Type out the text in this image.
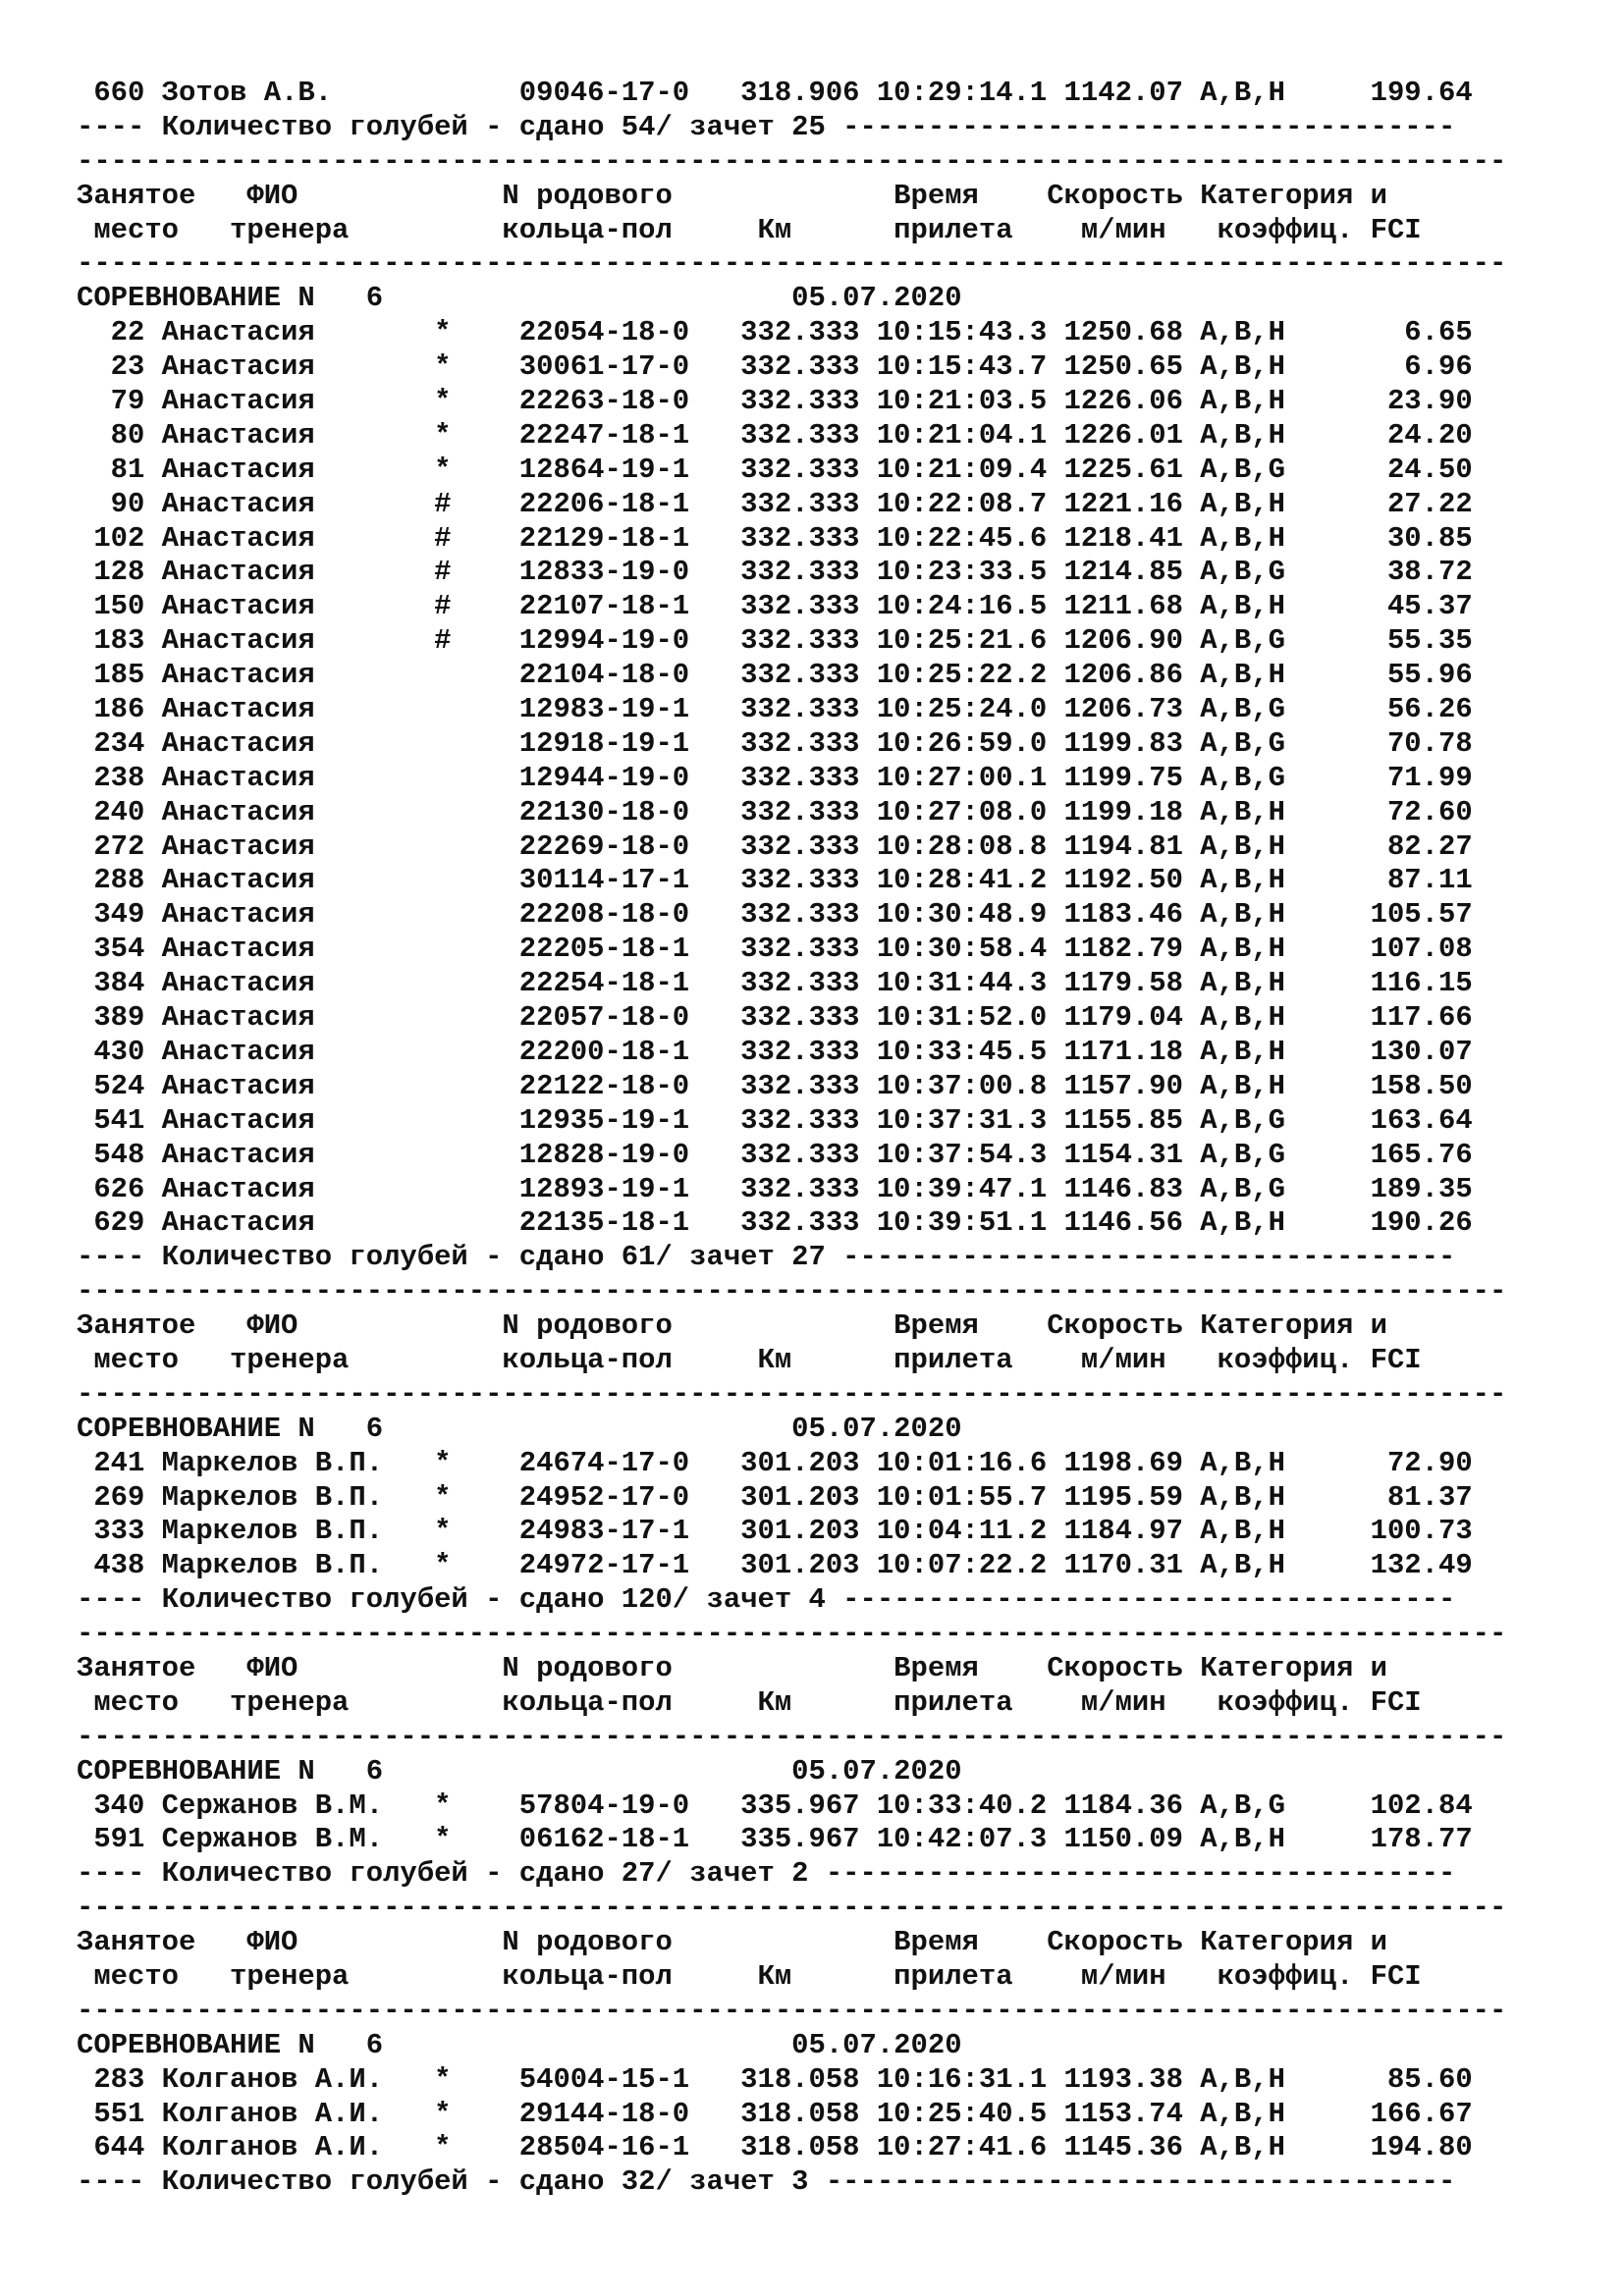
660 Зотов А.В.           09046-17-0   318.906 10:29:14.1 1142.07 A,B,H     199.64
---- Количество голубей - сдано 54/ зачет 25 ------------------------------------
------------------------------------------------------------------------------------
Занятое   ФИО            N родового             Время    Скорость Категория и
место   тренера         кольца-пол     Км      прилета    м/мин   коэффиц. FCI
------------------------------------------------------------------------------------
СОРЕВНОВАНИЕ N   6                        05.07.2020
22 Анастасия       *    22054-18-0   332.333 10:15:43.3 1250.68 A,B,H       6.65
23 Анастасия       *    30061-17-0   332.333 10:15:43.7 1250.65 A,B,H       6.96
79 Анастасия       *    22263-18-0   332.333 10:21:03.5 1226.06 A,B,H      23.90
80 Анастасия       *    22247-18-1   332.333 10:21:04.1 1226.01 A,B,H      24.20
81 Анастасия       *    12864-19-1   332.333 10:21:09.4 1225.61 A,B,G      24.50
90 Анастасия       #    22206-18-1   332.333 10:22:08.7 1221.16 A,B,H      27.22
102 Анастасия       #    22129-18-1   332.333 10:22:45.6 1218.41 A,B,H      30.85
128 Анастасия       #    12833-19-0   332.333 10:23:33.5 1214.85 A,B,G      38.72
150 Анастасия       #    22107-18-1   332.333 10:24:16.5 1211.68 A,B,H      45.37
183 Анастасия       #    12994-19-0   332.333 10:25:21.6 1206.90 A,B,G      55.35
185 Анастасия            22104-18-0   332.333 10:25:22.2 1206.86 A,B,H      55.96
186 Анастасия            12983-19-1   332.333 10:25:24.0 1206.73 A,B,G      56.26
234 Анастасия            12918-19-1   332.333 10:26:59.0 1199.83 A,B,G      70.78
238 Анастасия            12944-19-0   332.333 10:27:00.1 1199.75 A,B,G      71.99
240 Анастасия            22130-18-0   332.333 10:27:08.0 1199.18 A,B,H      72.60
272 Анастасия            22269-18-0   332.333 10:28:08.8 1194.81 A,B,H      82.27
288 Анастасия            30114-17-1   332.333 10:28:41.2 1192.50 A,B,H      87.11
349 Анастасия            22208-18-0   332.333 10:30:48.9 1183.46 A,B,H     105.57
354 Анастасия            22205-18-1   332.333 10:30:58.4 1182.79 A,B,H     107.08
384 Анастасия            22254-18-1   332.333 10:31:44.3 1179.58 A,B,H     116.15
389 Анастасия            22057-18-0   332.333 10:31:52.0 1179.04 A,B,H     117.66
430 Анастасия            22200-18-1   332.333 10:33:45.5 1171.18 A,B,H     130.07
524 Анастасия            22122-18-0   332.333 10:37:00.8 1157.90 A,B,H     158.50
541 Анастасия            12935-19-1   332.333 10:37:31.3 1155.85 A,B,G     163.64
548 Анастасия            12828-19-0   332.333 10:37:54.3 1154.31 A,B,G     165.76
626 Анастасия            12893-19-1   332.333 10:39:47.1 1146.83 A,B,G     189.35
629 Анастасия            22135-18-1   332.333 10:39:51.1 1146.56 A,B,H     190.26
---- Количество голубей - сдано 61/ зачет 27 ------------------------------------
------------------------------------------------------------------------------------
Занятое   ФИО            N родового             Время    Скорость Категория и
место   тренера         кольца-пол     Км      прилета    м/мин   коэффиц. FCI
------------------------------------------------------------------------------------
СОРЕВНОВАНИЕ N   6                        05.07.2020
241 Маркелов В.П.   *    24674-17-0   301.203 10:01:16.6 1198.69 A,B,H      72.90
269 Маркелов В.П.   *    24952-17-0   301.203 10:01:55.7 1195.59 A,B,H      81.37
333 Маркелов В.П.   *    24983-17-1   301.203 10:04:11.2 1184.97 A,B,H     100.73
438 Маркелов В.П.   *    24972-17-1   301.203 10:07:22.2 1170.31 A,B,H     132.49
---- Количество голубей - сдано 120/ зачет 4 ------------------------------------
------------------------------------------------------------------------------------
Занятое   ФИО            N родового             Время    Скорость Категория и
место   тренера         кольца-пол     Км      прилета    м/мин   коэффиц. FCI
------------------------------------------------------------------------------------
СОРЕВНОВАНИЕ N   6                        05.07.2020
340 Сержанов В.М.   *    57804-19-0   335.967 10:33:40.2 1184.36 A,B,G     102.84
591 Сержанов В.М.   *    06162-18-1   335.967 10:42:07.3 1150.09 A,B,H     178.77
---- Количество голубей - сдано 27/ зачет 2 -------------------------------------
------------------------------------------------------------------------------------
Занятое   ФИО            N родового             Время    Скорость Категория и
место   тренера         кольца-пол     Км      прилета    м/мин   коэффиц. FCI
------------------------------------------------------------------------------------
СОРЕВНОВАНИЕ N   6                        05.07.2020
283 Колганов А.И.   *    54004-15-1   318.058 10:16:31.1 1193.38 A,B,H      85.60
551 Колганов А.И.   *    29144-18-0   318.058 10:25:40.5 1153.74 A,B,H     166.67
644 Колганов А.И.   *    28504-16-1   318.058 10:27:41.6 1145.36 A,B,H     194.80
---- Количество голубей - сдано 32/ зачет 3 -------------------------------------
